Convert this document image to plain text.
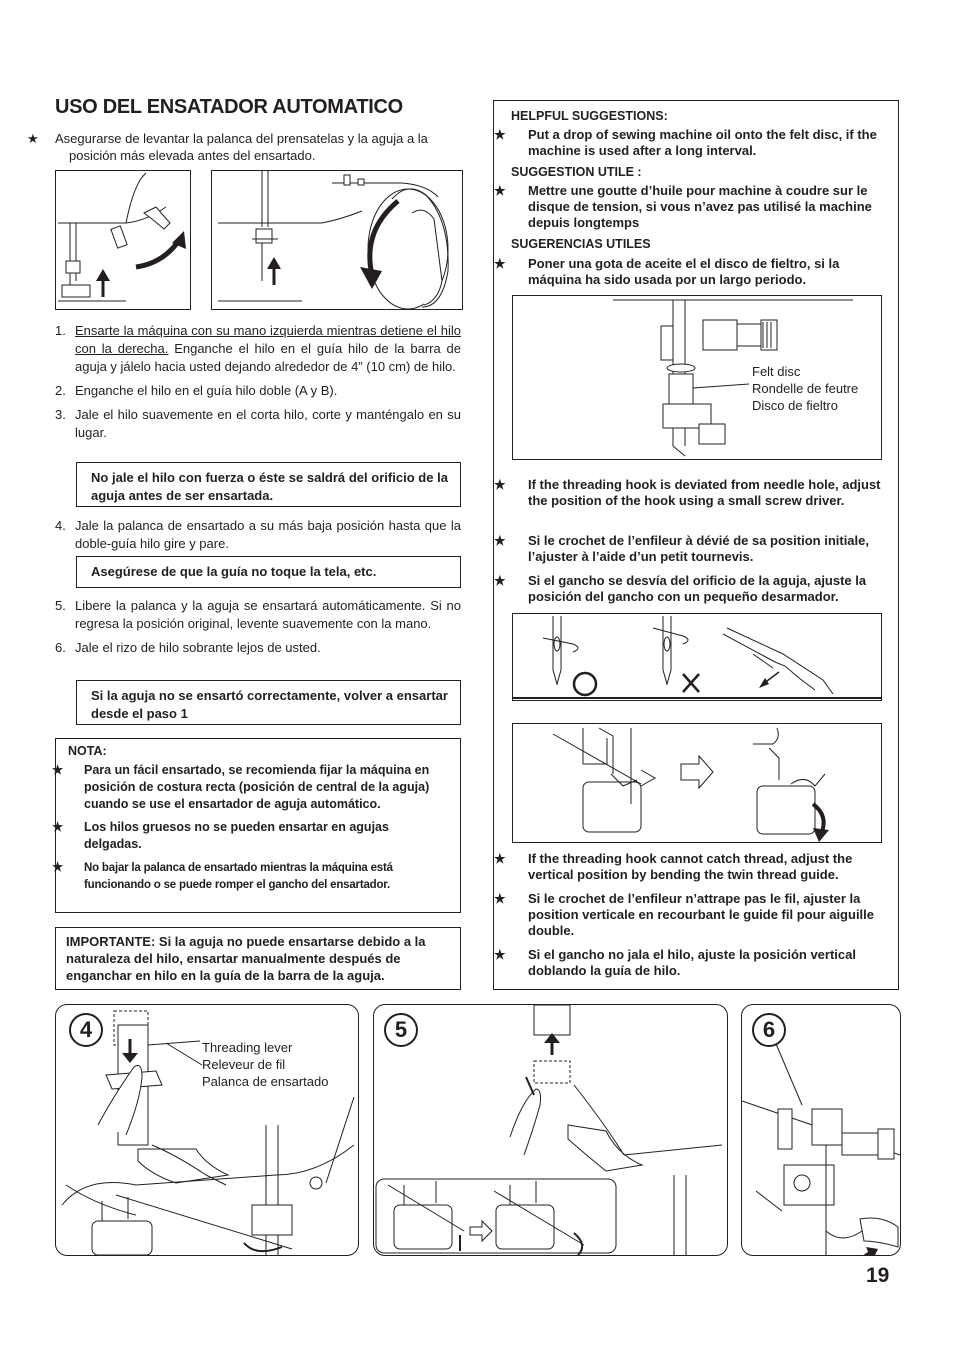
USO DEL ENSATADOR AUTOMATICO
★ Asegurarse de levantar la palanca del prensatelas y la aguja a la posición más elevada antes del ensartado.
1. Ensarte la máquina con su mano izquierda mientras detiene el hilo con la derecha. Enganche el hilo en el guía hilo de la barra de aguja y jálelo hacia usted dejando alrededor de 4” (10 cm) de hilo.
2. Enganche el hilo en el guía hilo doble (A y B).
3. Jale el hilo suavemente en el corta hilo, corte y manténgalo en su lugar.
No jale el hilo con fuerza o éste se saldrá del orificio de la aguja antes de ser ensartada.
4. Jale la palanca de ensartado a su más baja posición hasta que la doble-guía hilo gire y pare.
Asegúrese de que la guía no toque la tela, etc.
5. Libere la palanca y la aguja se ensartará automáticamente. Si no regresa la posición original, levente suavemente con la mano.
6. Jale el rizo de hilo sobrante lejos de usted.
Si la aguja no se ensartó correctamente, volver a ensartar desde el paso 1
NOTA:
★ Para un fácil ensartado, se recomienda fijar la máquina en posición de costura recta (posición de central de la aguja) cuando se use el ensartador de aguja automático.
★ Los hilos gruesos no se pueden ensartar en agujas delgadas.
★ No bajar la palanca de ensartado mientras la máquina está funcionando o se puede romper el gancho del ensartador.
IMPORTANTE: Si la aguja no puede ensartarse debido a la naturaleza del hilo, ensartar manualmente después de enganchar en hilo en la guía de la barra de la aguja.
HELPFUL SUGGESTIONS:
★ Put a drop of sewing machine oil onto the felt disc, if the machine is used after a long interval.
SUGGESTION UTILE :
★ Mettre une goutte d’huile pour machine à coudre sur le disque de tension, si vous n’avez pas utilisé la machine depuis longtemps
SUGERENCIAS UTILES
★ Poner una gota de aceite el el disco de fieltro, si la máquina ha sido usada por un largo periodo.
Felt disc
Rondelle de feutre
Disco de fieltro
★ If the threading hook is deviated from needle hole, adjust the position of the hook using a small screw driver.
★ Si le crochet de l’enfileur à dévié de sa position initiale, l’ajuster à l’aide d’un petit tournevis.
★ Si el gancho se desvía del orificio de la aguja, ajuste la posición del gancho con un pequeño desarmador.
★ If the threading hook cannot catch thread, adjust the vertical position by bending the twin thread guide.
★ Si le crochet de l’enfileur n’attrape pas le fil, ajuster la position verticale en recourbant le guide fil pour aiguille double.
★ Si el gancho no jala el hilo, ajuste la posición vertical doblando la guía de hilo.
4
Threading lever
Releveur de fil
Palanca de ensartado
5	6
19
